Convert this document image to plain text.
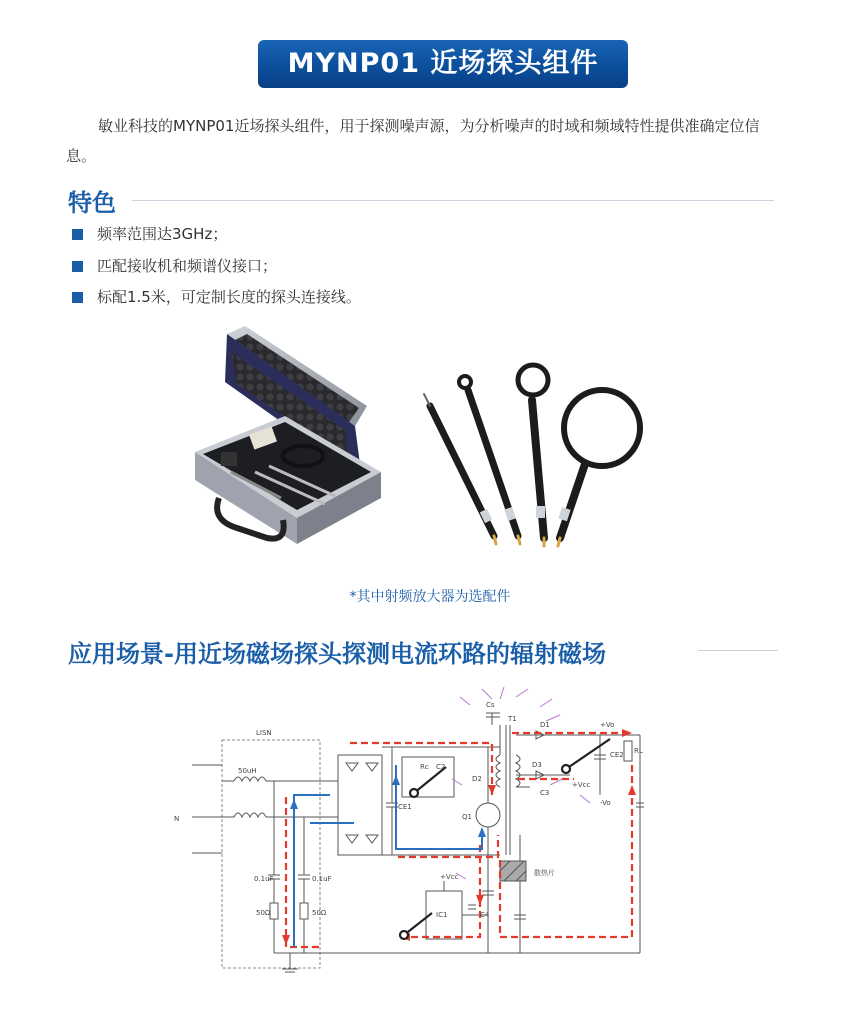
MYNP01 近场探头组件
敏业科技的MYNP01近场探头组件，用于探测噪声源，为分析噪声的时域和频域特性提供准确定位信息。
特色
频率范围达3GHz；
匹配接收机和频谱仪接口；
标配1.5米，可定制长度的探头连接线。
*其中射频放大器为选配件
应用场景-用近场磁场探头探测电流环路的辐射磁场
LISN
50uH
N
0.1uF	0.1uF
50Ω	50Ω
CE1
CE2
Q1
IC1
T1
D1
D2
D3
C2
C3
C4
Cs
Rc
RL
+Vcc
+Vcc
+Vo
-Vo
散热片
